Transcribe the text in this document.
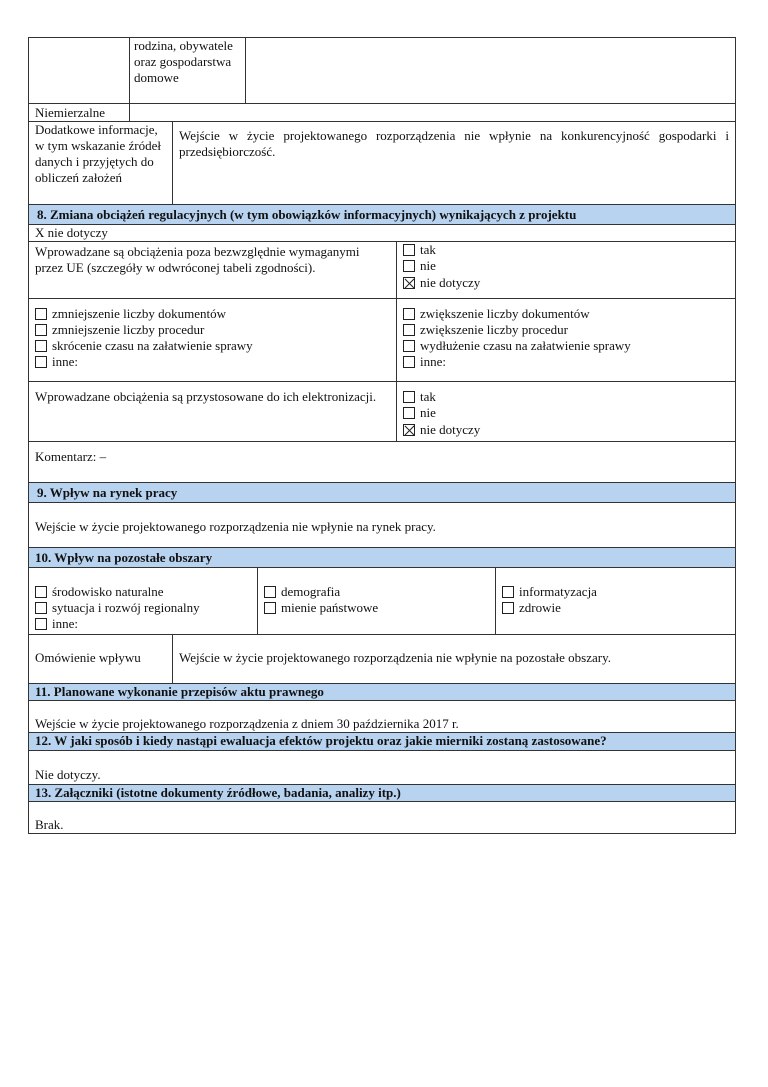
rodzina, obywatele oraz gospodarstwa domowe
Niemierzalne
Dodatkowe informacje, w tym wskazanie źródeł danych i przyjętych do obliczeń założeń
Wejście w życie projektowanego rozporządzenia nie wpłynie na konkurencyjność gospodarki i przedsiębiorczość.
8. Zmiana obciążeń regulacyjnych (w tym obowiązków informacyjnych) wynikających z projektu
X nie dotyczy
Wprowadzane są obciążenia poza bezwzględnie wymaganymi przez UE (szczegóły w odwróconej tabeli zgodności).
tak
nie
nie dotyczy
zmniejszenie liczby dokumentów
zmniejszenie liczby procedur
skrócenie czasu na załatwienie sprawy
inne:
zwiększenie liczby dokumentów
zwiększenie liczby procedur
wydłużenie czasu na załatwienie sprawy
inne:
Wprowadzane obciążenia są przystosowane do ich elektronizacji.	tak
nie
nie dotyczy
Komentarz: –
9. Wpływ na rynek pracy
Wejście w życie projektowanego rozporządzenia nie wpłynie na rynek pracy.
10. Wpływ na pozostałe obszary
środowisko naturalne
sytuacja i rozwój regionalny
inne:
demografia
mienie państwowe
informatyzacja
zdrowie
Omówienie wpływu	Wejście w życie projektowanego rozporządzenia nie wpłynie na pozostałe obszary.
11. Planowane wykonanie przepisów aktu prawnego
Wejście w życie projektowanego rozporządzenia z dniem 30 października 2017 r.
12. W jaki sposób i kiedy nastąpi ewaluacja efektów projektu oraz jakie mierniki zostaną zastosowane?
Nie dotyczy.
13. Załączniki (istotne dokumenty źródłowe, badania, analizy itp.)
Brak.
